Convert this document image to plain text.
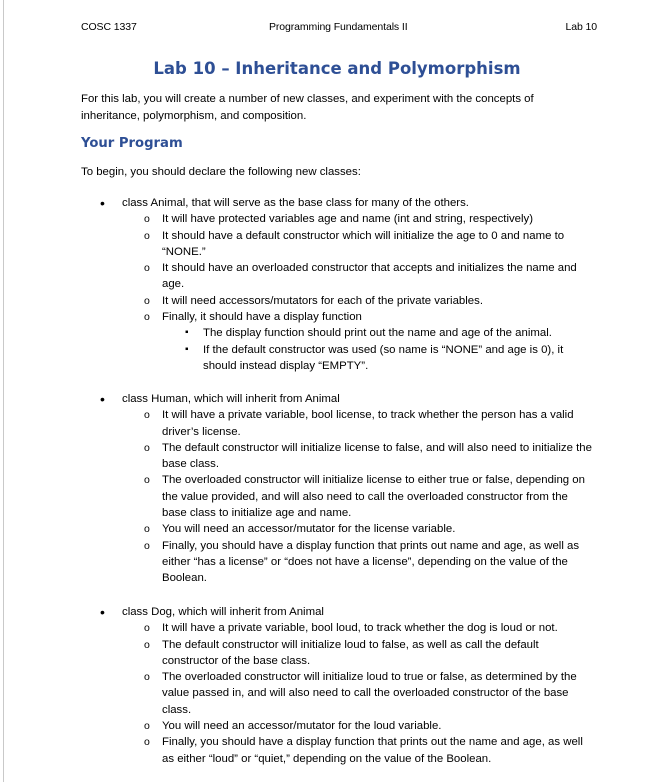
COSC 1337	Programming Fundamentals II	Lab 10
Lab 10 – Inheritance and Polymorphism
For this lab, you will create a number of new classes, and experiment with the concepts of inheritance, polymorphism, and composition.
Your Program
To begin, you should declare the following new classes:
•	class Animal, that will serve as the base class for many of the others.
o It will have protected variables age and name (int and string, respectively)
o It should have a default constructor which will initialize the age to 0 and name to “NONE.”
o It should have an overloaded constructor that accepts and initializes the name and age.
o It will need accessors/mutators for each of the private variables.
o Finally, it should have a display function
▪ The display function should print out the name and age of the animal.
▪ If the default constructor was used (so name is “NONE” and age is 0), it should instead display “EMPTY”.
•	class Human, which will inherit from Animal
o It will have a private variable, bool license, to track whether the person has a valid driver’s license.
o The default constructor will initialize license to false, and will also need to initialize the base class.
o The overloaded constructor will initialize license to either true or false, depending on the value provided, and will also need to call the overloaded constructor from the base class to initialize age and name.
o You will need an accessor/mutator for the license variable.
o Finally, you should have a display function that prints out name and age, as well as either “has a license” or “does not have a license”, depending on the value of the Boolean.
•	class Dog, which will inherit from Animal
o It will have a private variable, bool loud, to track whether the dog is loud or not.
o The default constructor will initialize loud to false, as well as call the default constructor of the base class.
o The overloaded constructor will initialize loud to true or false, as determined by the value passed in, and will also need to call the overloaded constructor of the base class.
o You will need an accessor/mutator for the loud variable.
o Finally, you should have a display function that prints out the name and age, as well as either “loud” or “quiet,” depending on the value of the Boolean.
